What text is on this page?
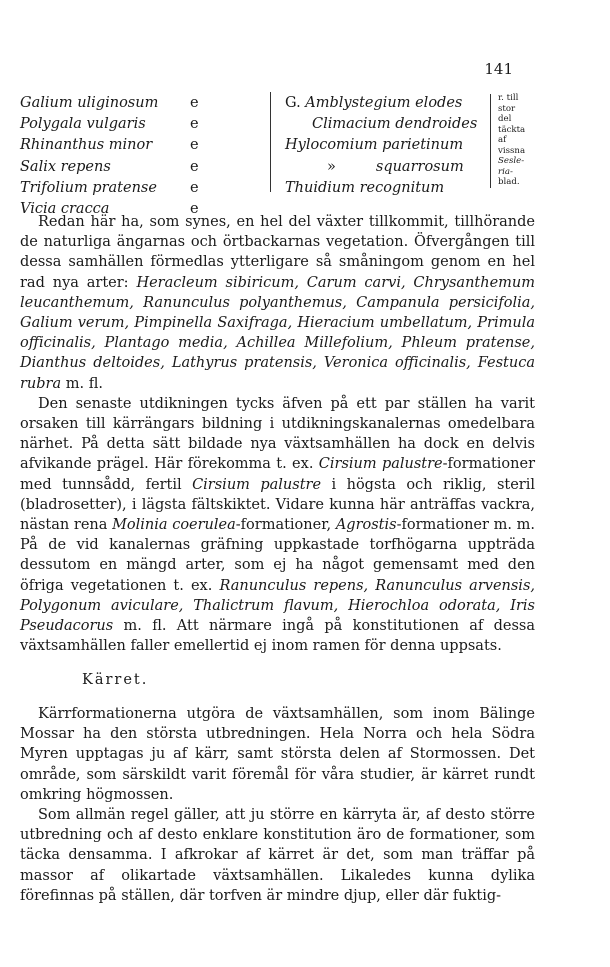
141
Galium uliginosum e
Polygala vulgaris	e
Rhinanthus minor	e
Salix repens	e
Trifolium pratense e
Vicia cracca	e
G. Amblystegium elodes
Climacium dendroides
Hylocomium parietinum
»	squarrosum
Thuidium recognitum
r. till
stor
del
täckta
af
vissna
Sesle-
ria-
blad.

Redan här ha, som synes, en hel del växter tillkommit, tillhörande de naturliga ängarnas och örtbackarnas vegetation. Öfvergången till dessa samhällen förmedlas ytterligare så småningom genom en hel rad nya arter: Heracleum sibiricum, Carum carvi, Chrysanthemum leucanthemum, Ranunculus polyanthemus, Campanula persicifolia, Galium verum, Pimpinella Saxifraga, Hieracium umbellatum, Primula officinalis, Plantago media, Achillea Millefolium, Phleum pratense, Dianthus deltoides, Lathyrus pratensis, Veronica officinalis, Festuca rubra m. fl.

Den senaste utdikningen tycks äfven på ett par ställen ha varit orsaken till kärrängars bildning i utdikningskanalernas omedelbara närhet. På detta sätt bildade nya växtsamhällen ha dock en delvis afvikande prägel. Här förekomma t. ex. Cirsium palustre-formationer med tunnsådd, fertil Cirsium palustre i högsta och riklig, steril (bladrosetter), i lägsta fältskiktet. Vidare kunna här anträffas vackra, nästan rena Molinia coerulea-formationer, Agrostis-formationer m. m. På de vid kanalernas gräfning uppkastade torfhögarna uppträda dessutom en mängd arter, som ej ha något gemensamt med den öfriga vegetationen t. ex. Ranunculus repens, Ranunculus arvensis, Polygonum aviculare, Thalictrum flavum, Hierochloa odorata, Iris Pseudacorus m. fl. Att närmare ingå på konstitutionen af dessa växtsamhällen faller emellertid ej inom ramen för denna uppsats.

Kärret.

Kärrformationerna utgöra de växtsamhällen, som inom Bälinge Mossar ha den största utbredningen. Hela Norra och hela Södra Myren upptagas ju af kärr, samt största delen af Stormossen. Det område, som särskildt varit föremål för våra studier, är kärret rundt omkring högmossen.

Som allmän regel gäller, att ju större en kärryta är, af desto större utbredning och af desto enklare konstitution äro de formationer, som täcka densamma. I afkrokar af kärret är det, som man träffar på massor af olikartade växtsamhällen. Likaledes kunna dylika förefinnas på ställen, där torfven är mindre djup, eller där fuktig-
